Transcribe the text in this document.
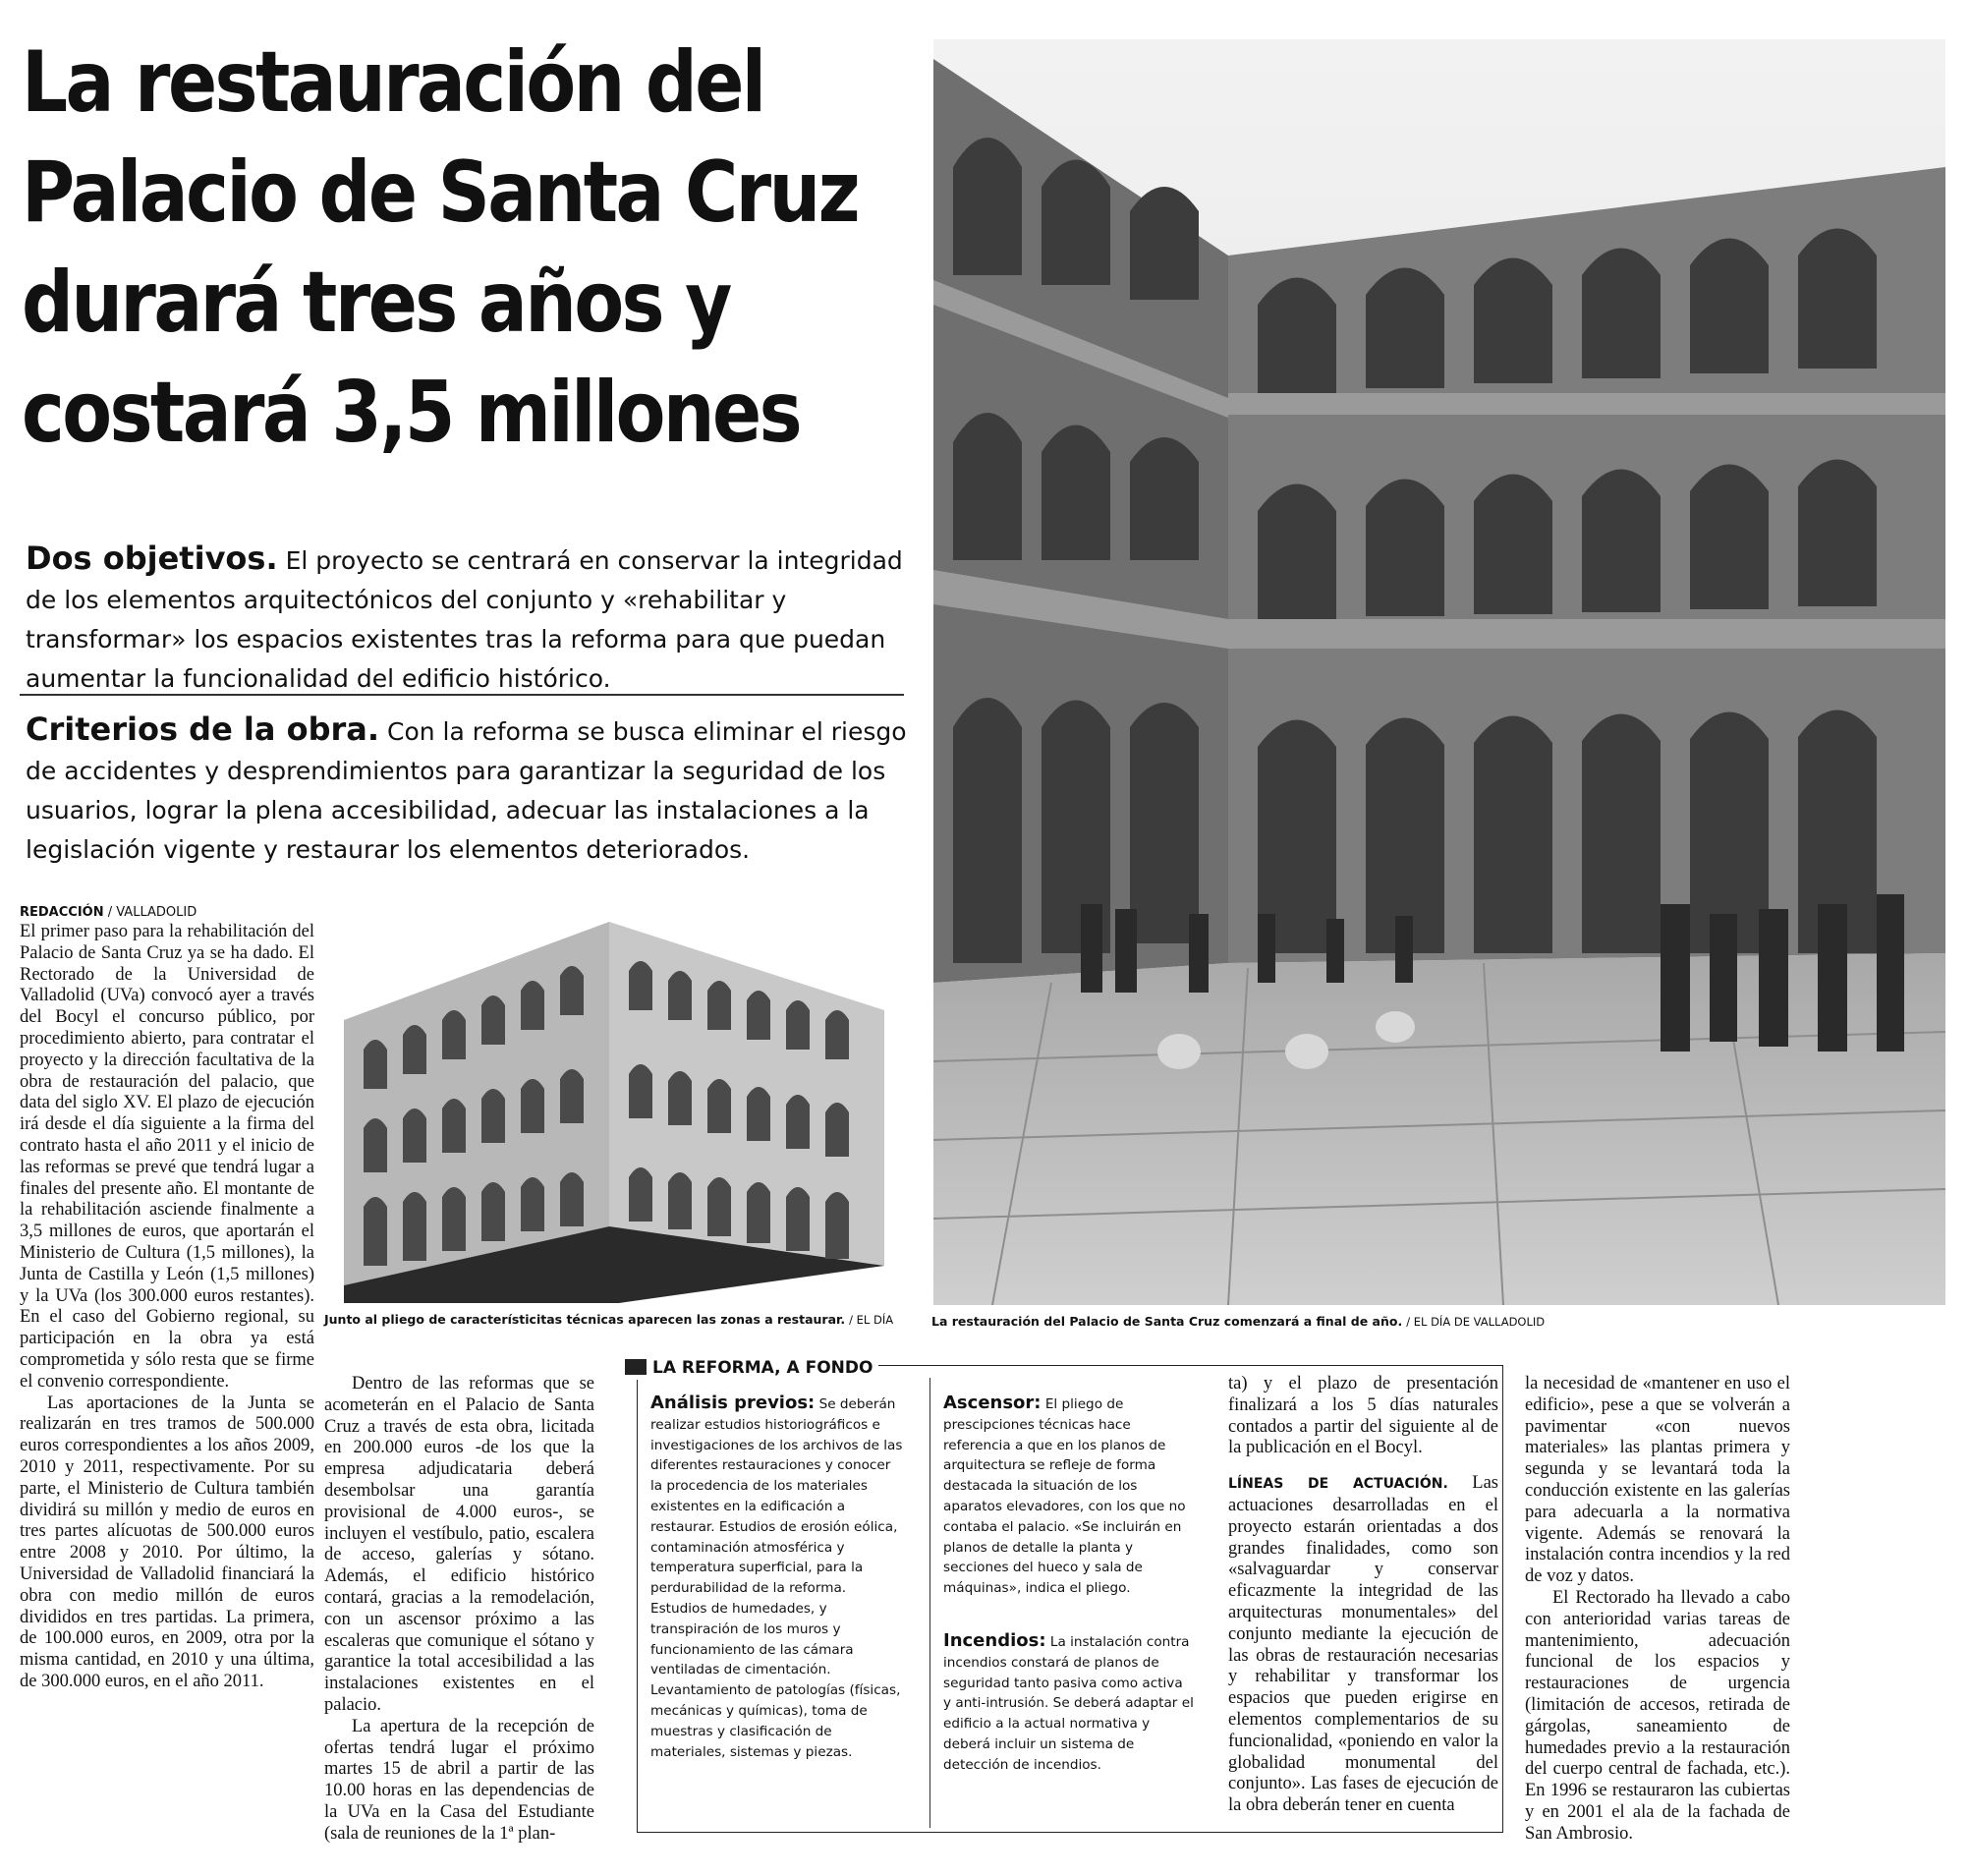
La restauración del
Palacio de Santa Cruz
durará tres años y
costará 3,5 millones

Dos objetivos. El proyecto se centrará en conservar la integridad de los elementos arquitectónicos del conjunto y «rehabilitar y transformar» los espacios existentes tras la reforma para que puedan aumentar la funcionalidad del edificio histórico.

Criterios de la obra. Con la reforma se busca eliminar el riesgo de accidentes y desprendimientos para garantizar la seguridad de los usuarios, lograr la plena accesibilidad, adecuar las instalaciones a la legislación vigente y restaurar los elementos deteriorados.

Junto al pliego de característicitas técnicas aparecen las zonas a restaurar. / EL DÍA	La restauración del Palacio de Santa Cruz comenzará a final de año. / EL DÍA DE VALLADOLID
REDACCIÓN / VALLADOLID

El primer paso para la rehabilitación del Palacio de Santa Cruz ya se ha dado. El Rectorado de la Universidad de Valladolid (UVa) convocó ayer a través del Bocyl el concurso público, por procedimiento abierto, para contratar el proyecto y la dirección facultativa de la obra de restauración del palacio, que data del siglo XV. El plazo de ejecución irá desde el día siguiente a la firma del contrato hasta el año 2011 y el inicio de las reformas se prevé que tendrá lugar a finales del presente año. El montante de la rehabilitación asciende finalmente a 3,5 millones de euros, que aportarán el Ministerio de Cultura (1,5 millones), la Junta de Castilla y León (1,5 millones) y la UVa (los 300.000 euros restantes). En el caso del Gobierno regional, su participación en la obra ya está comprometida y sólo resta que se firme el convenio correspondiente.

Las aportaciones de la Junta se realizarán en tres tramos de 500.000 euros correspondientes a los años 2009, 2010 y 2011, respectivamente. Por su parte, el Ministerio de Cultura también dividirá su millón y medio de euros en tres partes alícuotas de 500.000 euros entre 2008 y 2010. Por último, la Universidad de Valladolid financiará la obra con medio millón de euros divididos en tres partidas. La primera, de 100.000 euros, en 2009, otra por la misma cantidad, en 2010 y una última, de 300.000 euros, en el año 2011.

Dentro de las reformas que se acometerán en el Palacio de Santa Cruz a través de esta obra, licitada en 200.000 euros -de los que la empresa adjudicataria deberá desembolsar una garantía provisional de 4.000 euros-, se incluyen el vestíbulo, patio, escalera de acceso, galerías y sótano. Además, el edificio histórico contará, gracias a la remodelación, con un ascensor próximo a las escaleras que comunique el sótano y garantice la total accesibilidad a las instalaciones existentes en el palacio.

La apertura de la recepción de ofertas tendrá lugar el próximo martes 15 de abril a partir de las 10.00 horas en las dependencias de la UVa en la Casa del Estudiante (sala de reuniones de la 1ª plan-

LA REFORMA, A FONDO
Análisis previos: Se deberán realizar estudios historiográficos e investigaciones de los archivos de las diferentes restauraciones y conocer la procedencia de los materiales existentes en la edificación a restaurar. Estudios de erosión eólica, contaminación atmosférica y temperatura superficial, para la perdurabilidad de la reforma. Estudios de humedades, y transpiración de los muros y funcionamiento de las cámara ventiladas de cimentación. Levantamiento de patologías (físicas, mecánicas y químicas), toma de muestras y clasificación de materiales, sistemas y piezas.
Ascensor: El pliego de prescipciones técnicas hace referencia a que en los planos de arquitectura se refleje de forma destacada la situación de los aparatos elevadores, con los que no contaba el palacio. «Se incluirán en planos de detalle la planta y secciones del hueco y sala de máquinas», indica el pliego.
Incendios: La instalación contra incendios constará de planos de seguridad tanto pasiva como activa y anti-intrusión. Se deberá adaptar el edificio a la actual normativa y deberá incluir un sistema de detección de incendios.

ta) y el plazo de presentación finalizará a los 5 días naturales contados a partir del siguiente al de la publicación en el Bocyl.

LÍNEAS DE ACTUACIÓN. Las actuaciones desarrolladas en el proyecto estarán orientadas a dos grandes finalidades, como son «salvaguardar y conservar eficazmente la integridad de las arquitecturas monumentales» del conjunto mediante la ejecución de las obras de restauración necesarias y rehabilitar y transformar los espacios que pueden erigirse en elementos complementarios de su funcionalidad, «poniendo en valor la globalidad monumental del conjunto». Las fases de ejecución de la obra deberán tener en cuenta

la necesidad de «mantener en uso el edificio», pese a que se volverán a pavimentar «con nuevos materiales» las plantas primera y segunda y se levantará toda la conducción existente en las galerías para adecuarla a la normativa vigente. Además se renovará la instalación contra incendios y la red de voz y datos.

El Rectorado ha llevado a cabo con anterioridad varias tareas de mantenimiento, adecuación funcional de los espacios y restauraciones de urgencia (limitación de accesos, retirada de gárgolas, saneamiento de humedades previo a la restauración del cuerpo central de fachada, etc.). En 1996 se restauraron las cubiertas y en 2001 el ala de la fachada de San Ambrosio.
